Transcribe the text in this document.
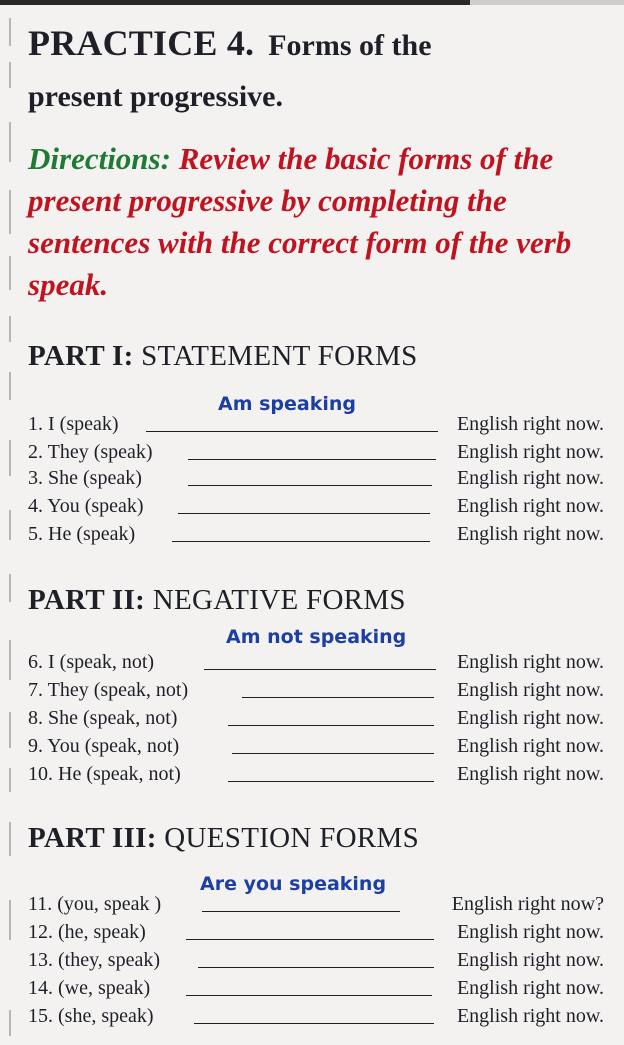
PRACTICE 4. Forms of the
present progressive.

Directions: Review the basic forms of the present progressive by completing the sentences with the correct form of the verb speak.

PART I: STATEMENT FORMS
Am speaking
1. I (speak)	English right now.
2. They (speak)	English right now.
3. She (speak)	English right now.
4. You (speak)	English right now.
5. He (speak)	English right now.
PART II: NEGATIVE FORMS
Am not speaking
6. I (speak, not)	English right now.
7. They (speak, not)	English right now.
8. She (speak, not)	English right now.
9. You (speak, not)	English right now.
10. He (speak, not)	English right now.
PART III: QUESTION FORMS
Are you speaking
11. (you, speak )	English right now?
12. (he, speak)	English right now.
13. (they, speak)	English right now.
14. (we, speak)	English right now.
15. (she, speak)	English right now.
